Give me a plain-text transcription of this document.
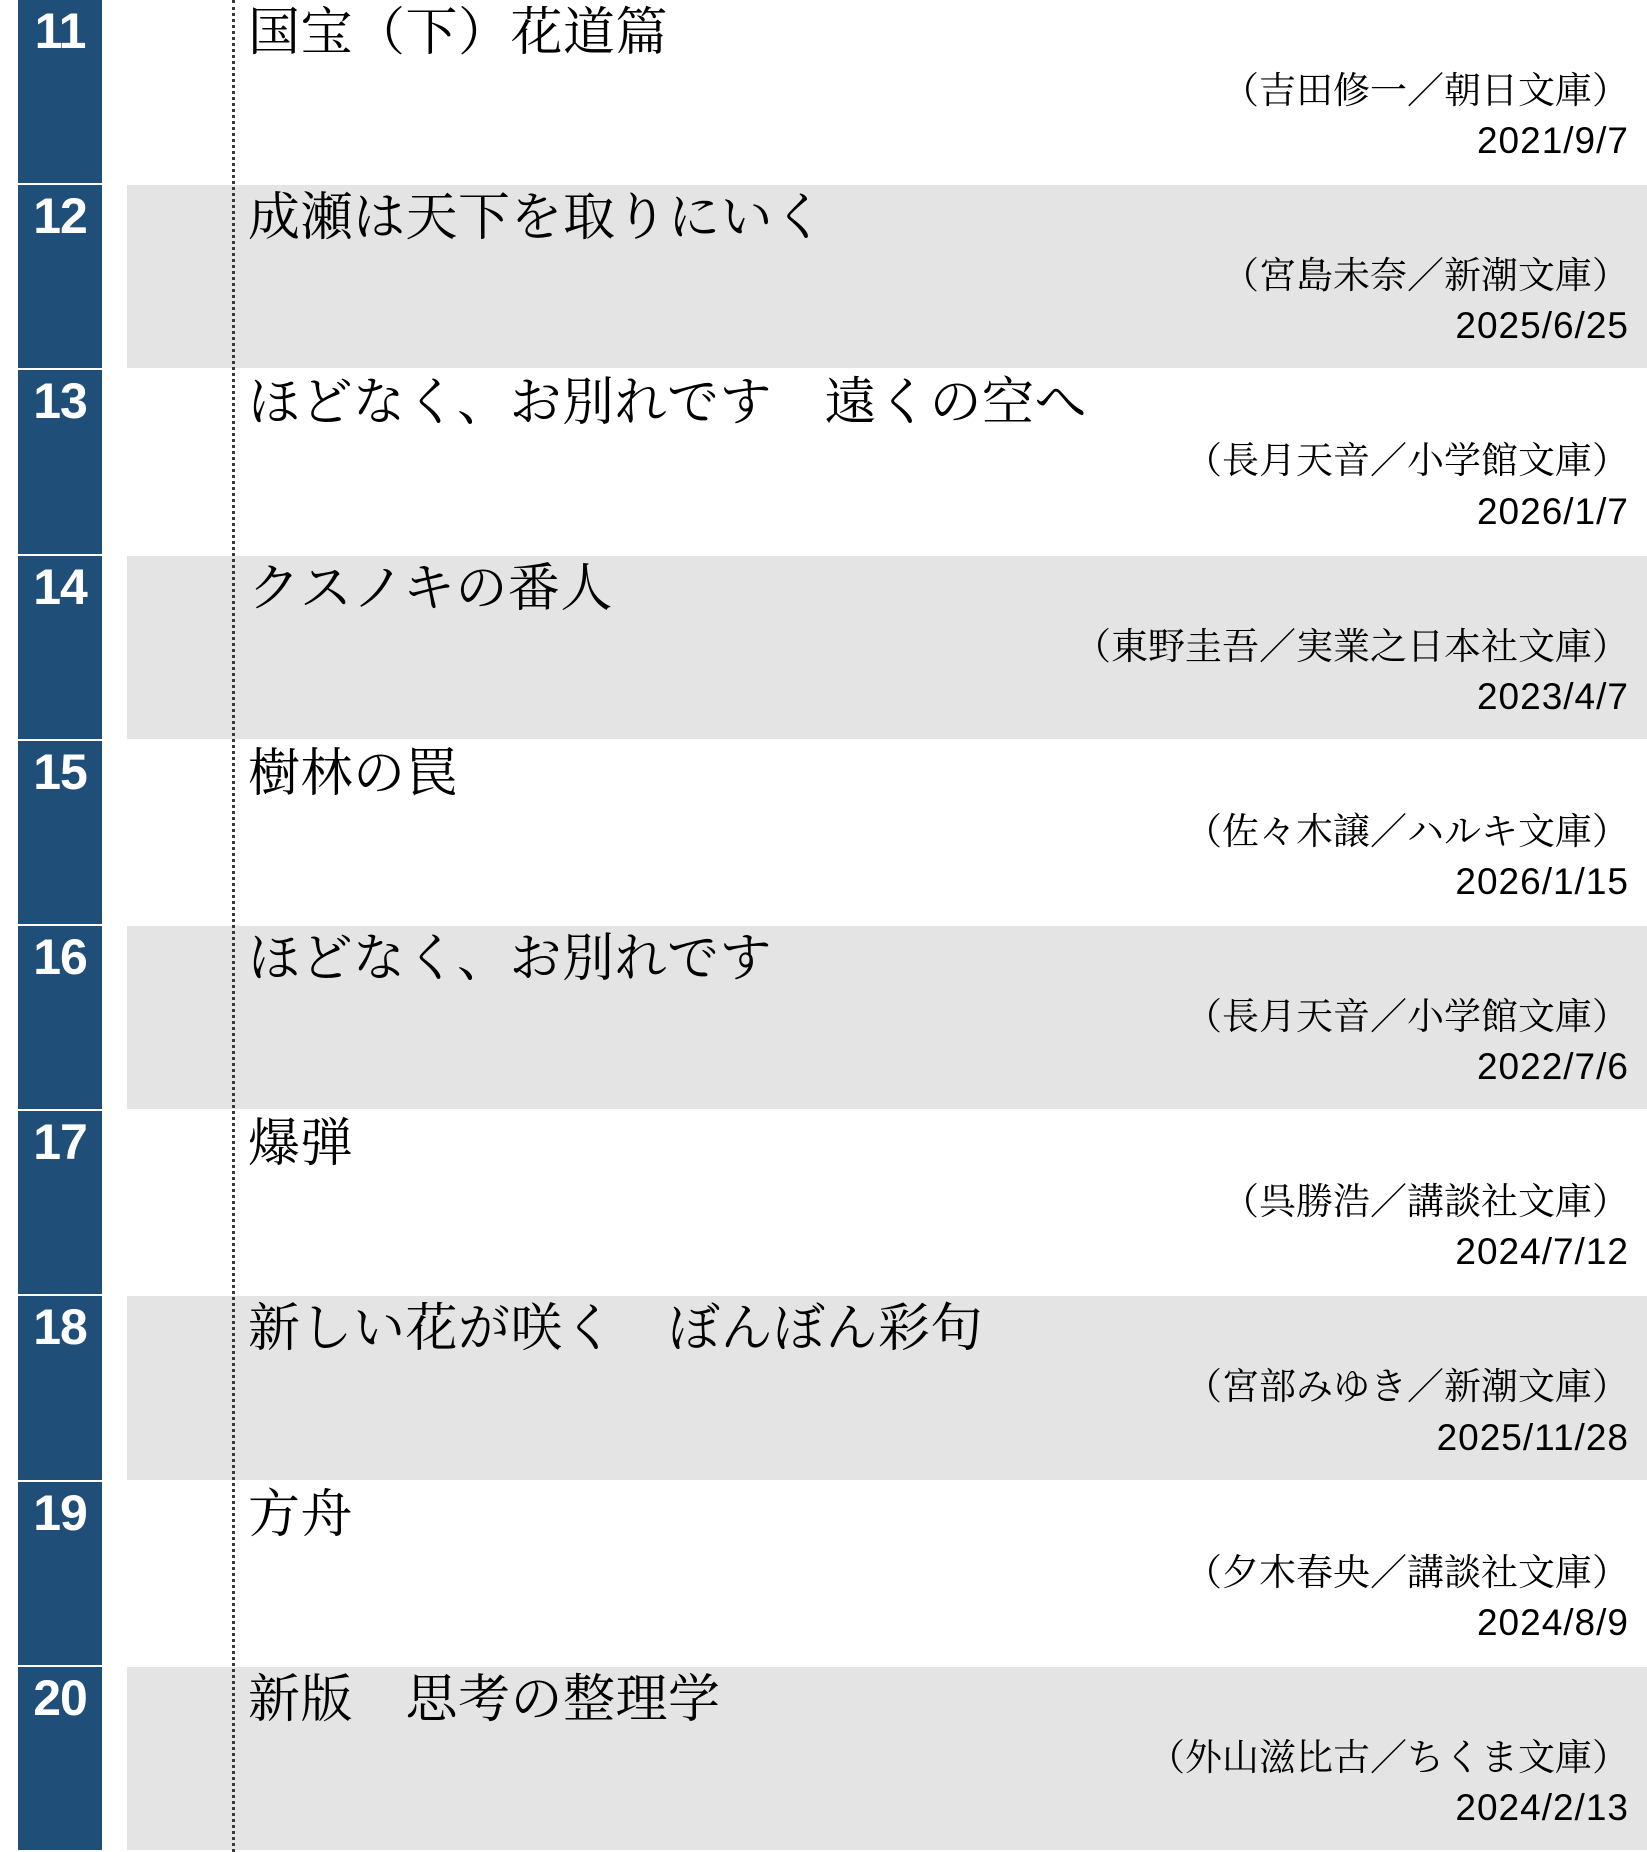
11	国宝（下）花道篇
（吉田修一／朝日文庫）
2021/9/7
12	成瀬は天下を取りにいく
（宮島未奈／新潮文庫）
2025/6/25
13	ほどなく、お別れです　遠くの空へ
（長月天音／小学館文庫）
2026/1/7
14	クスノキの番人
（東野圭吾／実業之日本社文庫）
2023/4/7
15	樹林の罠
（佐々木譲／ハルキ文庫）
2026/1/15
16	ほどなく、お別れです
（長月天音／小学館文庫）
2022/7/6
17	爆弾
（呉勝浩／講談社文庫）
2024/7/12
18	新しい花が咲く　ぼんぼん彩句
（宮部みゆき／新潮文庫）
2025/11/28
19	方舟
（夕木春央／講談社文庫）
2024/8/9
20	新版　思考の整理学
（外山滋比古／ちくま文庫）
2024/2/13
